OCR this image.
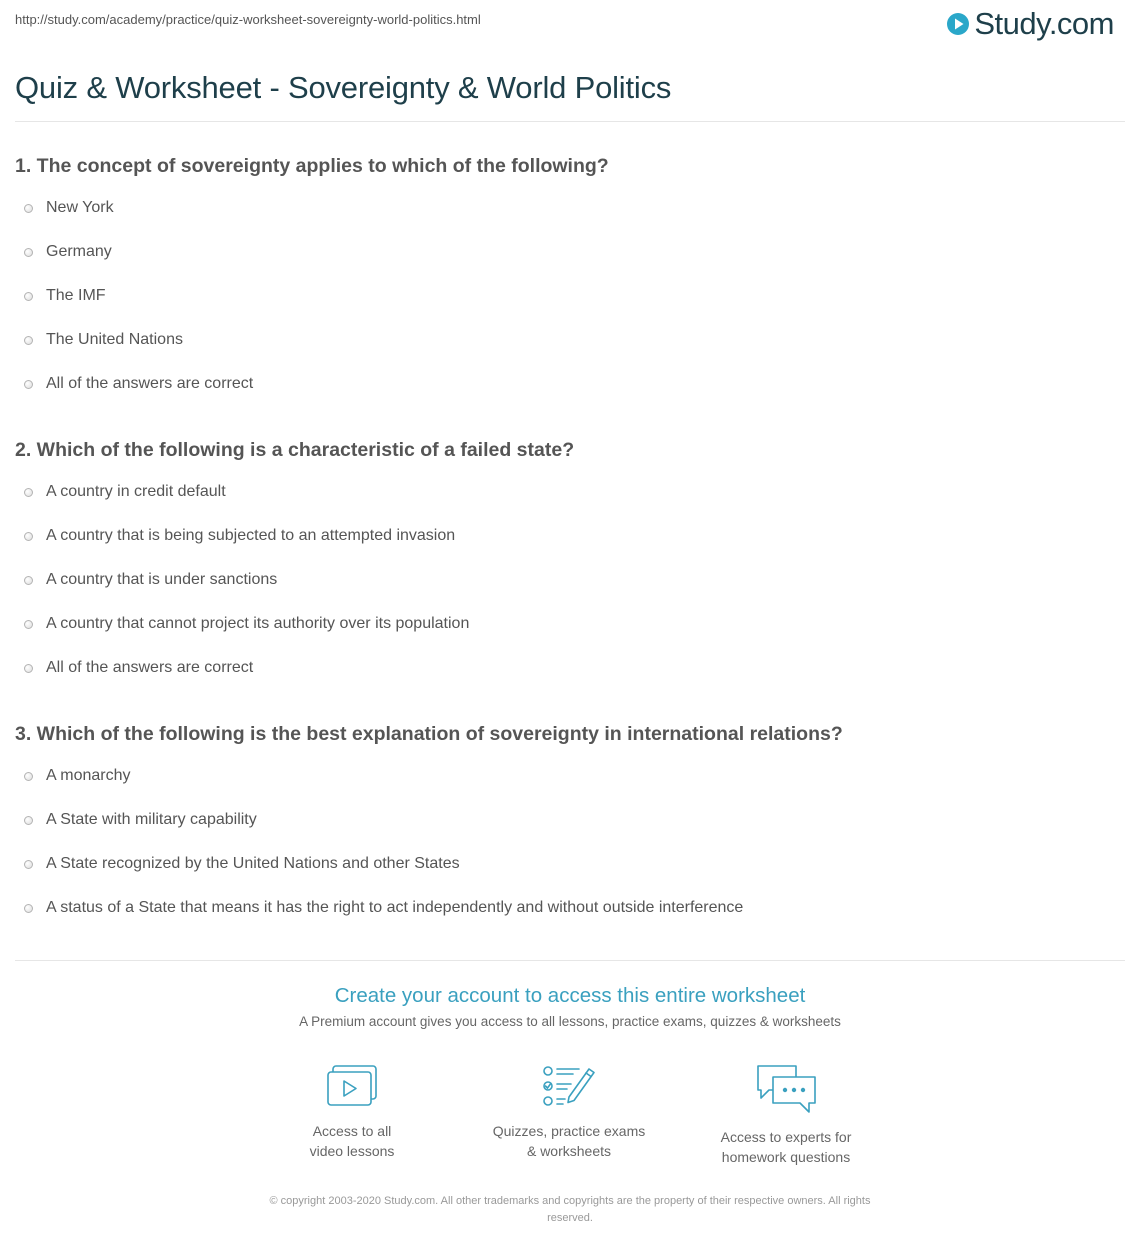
http://study.com/academy/practice/quiz-worksheet-sovereignty-world-politics.html	Study.com
Quiz & Worksheet - Sovereignty & World Politics
1. The concept of sovereignty applies to which of the following?
New York
Germany
The IMF
The United Nations
All of the answers are correct
2. Which of the following is a characteristic of a failed state?
A country in credit default
A country that is being subjected to an attempted invasion
A country that is under sanctions
A country that cannot project its authority over its population
All of the answers are correct
3. Which of the following is the best explanation of sovereignty in international relations?
A monarchy
A State with military capability
A State recognized by the United Nations and other States
A status of a State that means it has the right to act independently and without outside interference
Create your account to access this entire worksheet
A Premium account gives you access to all lessons, practice exams, quizzes & worksheets
Access to all
video lessons
Quizzes, practice exams
& worksheets
Access to experts for
homework questions
© copyright 2003-2020 Study.com. All other trademarks and copyrights are the property of their respective owners. All rights
reserved.
